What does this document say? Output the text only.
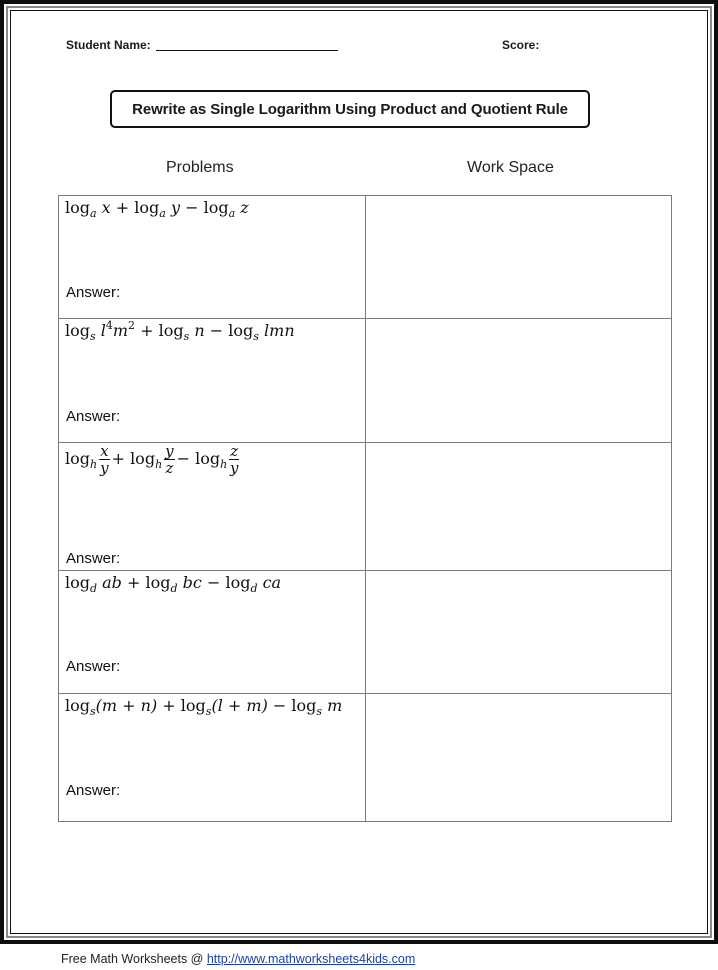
Student Name:	Score:
Rewrite as Single Logarithm Using Product and Quotient Rule
Problems	Work Space
$\log_a x + \log_a y - \log_a z$
Answer:	

$\log_s l^4m^2 + \log_s n - \log_s$ lmn
Answer:	

$\log_h \frac{x}{y} + \log_h \frac{y}{z} - \log_h \frac{z}{y}$
Answer:

$\log_d$ ab + $\log_d$ bc − $\log_d$ ca
Answer:	

$\log_s(m + n) + \log_s(l + m) - \log_s m$
Answer:	

Free Math Worksheets @ http://www.mathworksheets4kids.com
